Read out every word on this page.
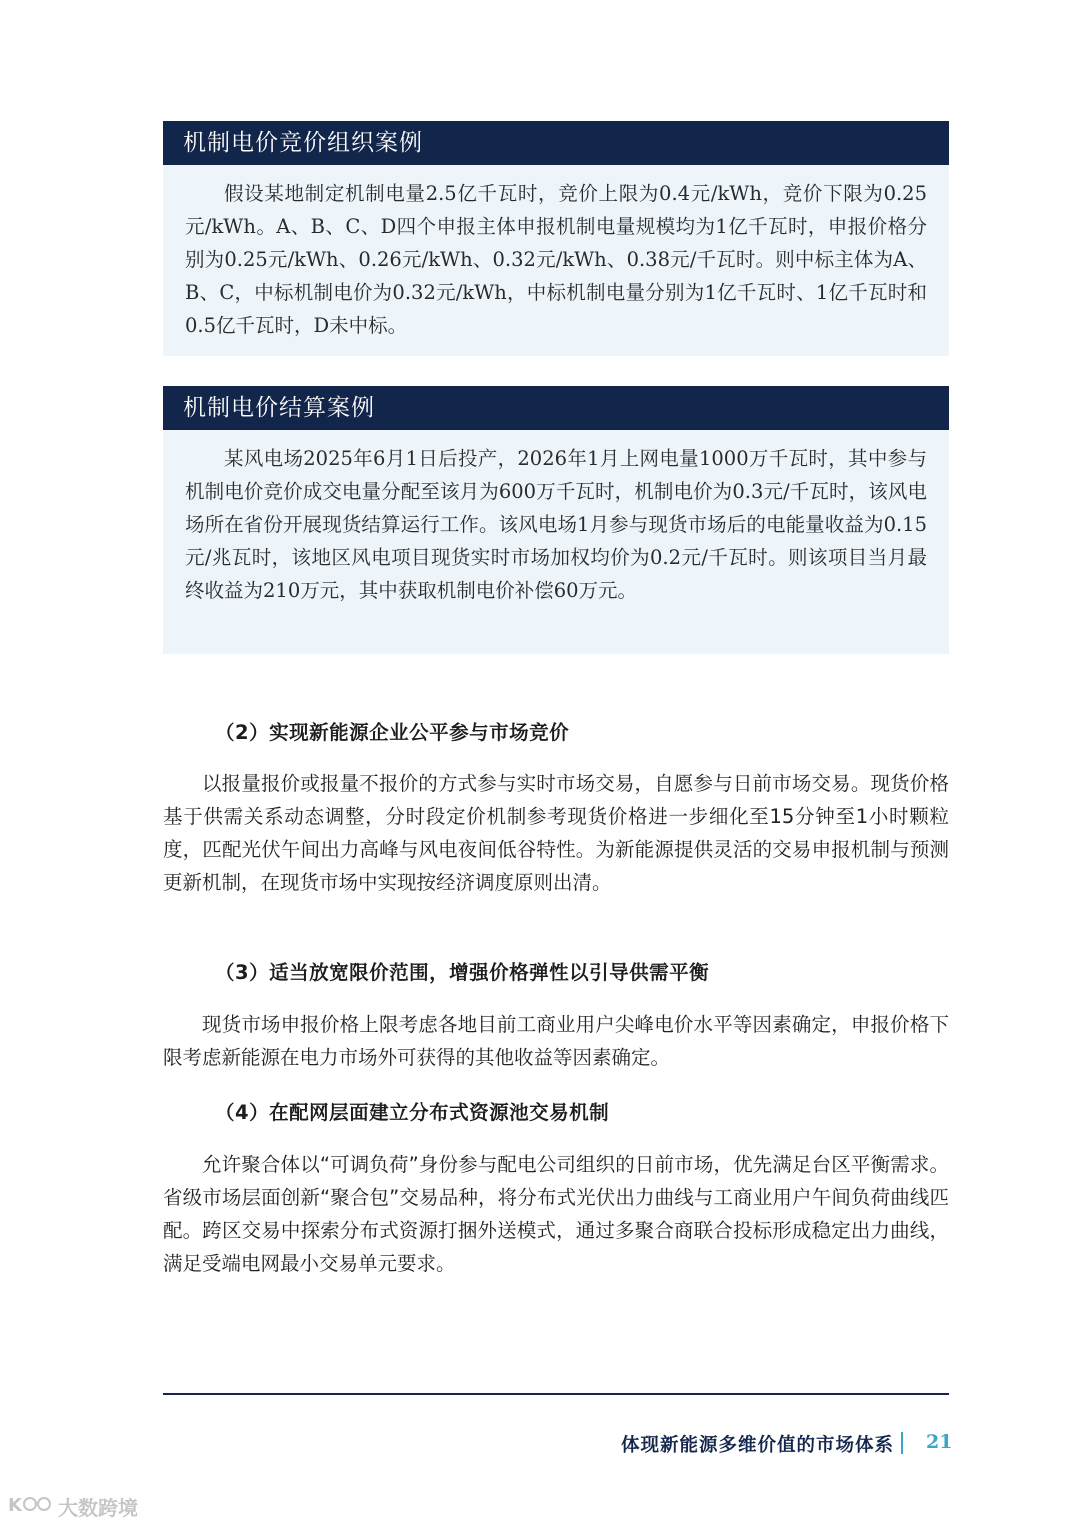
机制电价竞价组织案例
假设某地制定机制电量2.5亿千瓦时，竞价上限为0.4元/kWh，竞价下限为0.25元/kWh。A、B、C、D四个申报主体申报机制电量规模均为1亿千瓦时，申报价格分别为0.25元/kWh、0.26元/kWh、0.32元/kWh、0.38元/千瓦时。则中标主体为A、B、C，中标机制电价为0.32元/kWh，中标机制电量分别为1亿千瓦时、1亿千瓦时和0.5亿千瓦时，D未中标。
机制电价结算案例
某风电场2025年6月1日后投产，2026年1月上网电量1000万千瓦时，其中参与机制电价竞价成交电量分配至该月为600万千瓦时，机制电价为0.3元/千瓦时，该风电场所在省份开展现货结算运行工作。该风电场1月参与现货市场后的电能量收益为0.15元/兆瓦时，该地区风电项目现货实时市场加权均价为0.2元/千瓦时。则该项目当月最终收益为210万元，其中获取机制电价补偿60万元。
（2）实现新能源企业公平参与市场竞价
以报量报价或报量不报价的方式参与实时市场交易，自愿参与日前市场交易。现货价格基于供需关系动态调整，分时段定价机制参考现货价格进一步细化至15分钟至1小时颗粒度，匹配光伏午间出力高峰与风电夜间低谷特性。为新能源提供灵活的交易申报机制与预测更新机制，在现货市场中实现按经济调度原则出清。
（3）适当放宽限价范围，增强价格弹性以引导供需平衡
现货市场申报价格上限考虑各地目前工商业用户尖峰电价水平等因素确定，申报价格下限考虑新能源在电力市场外可获得的其他收益等因素确定。
（4）在配网层面建立分布式资源池交易机制
允许聚合体以“可调负荷”身份参与配电公司组织的日前市场，优先满足台区平衡需求。省级市场层面创新“聚合包”交易品种，将分布式光伏出力曲线与工商业用户午间负荷曲线匹配。跨区交易中探索分布式资源打捆外送模式，通过多聚合商联合投标形成稳定出力曲线，满足受端电网最小交易单元要求。
体现新能源多维价值的市场体系 21
K 大数跨境
